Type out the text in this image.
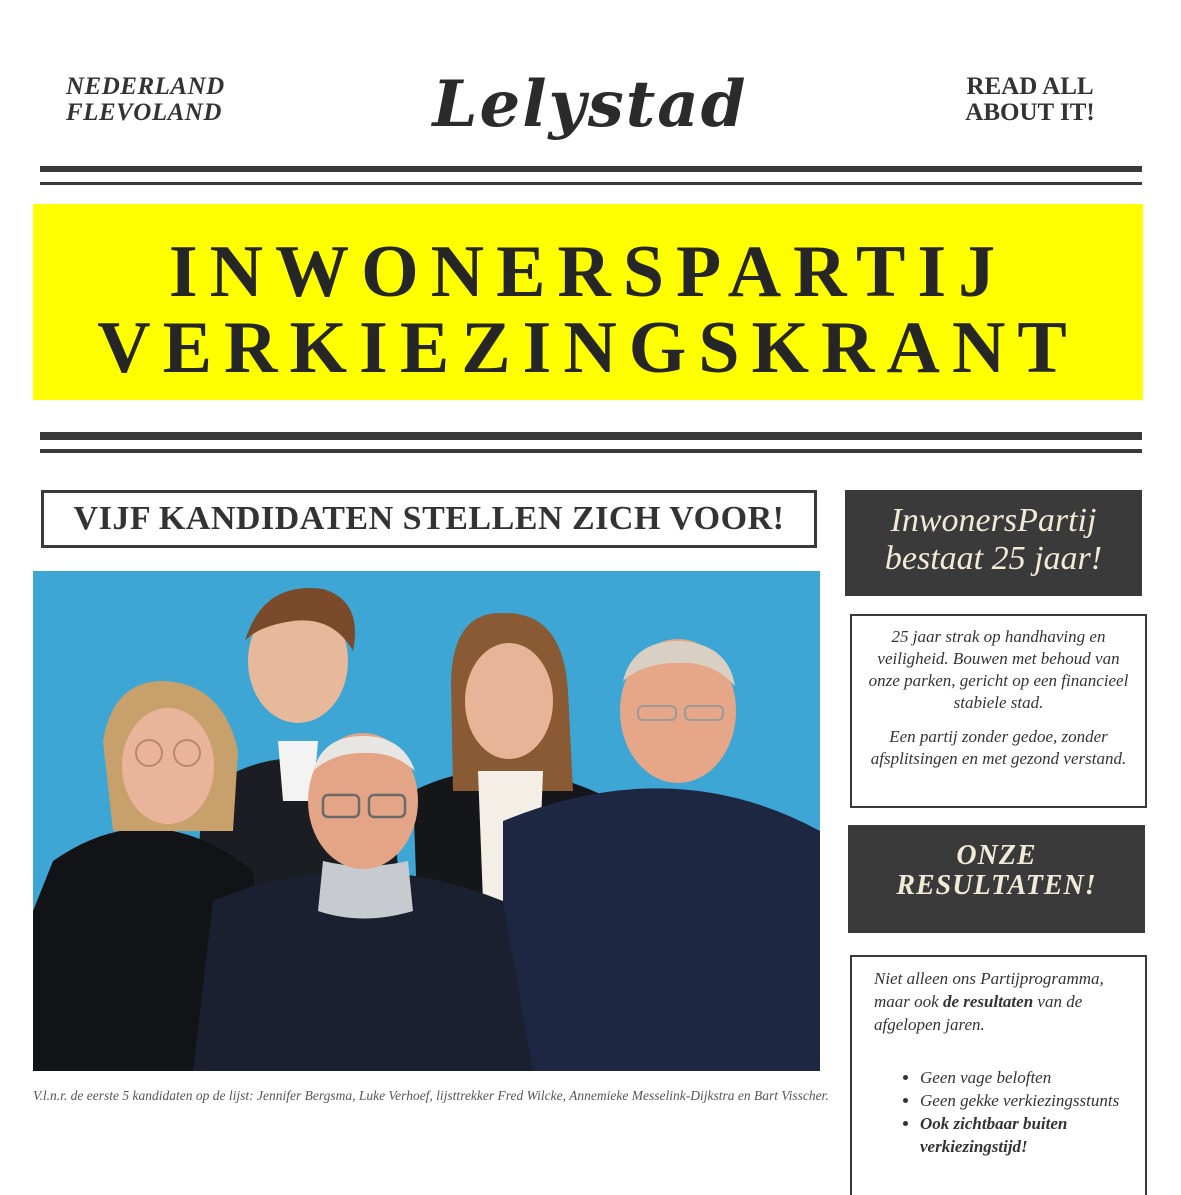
NEDERLAND
FLEVOLAND	Lelystad	READ ALL
ABOUT IT!
INWONERSPARTIJ
VERKIEZINGSKRANT
VIJF KANDIDATEN STELLEN ZICH VOOR!
V.l.n.r. de eerste 5 kandidaten op de lijst: Jennifer Bergsma, Luke Verhoef, lijsttrekker Fred Wilcke, Annemieke Messelink-Dijkstra en Bart Visscher.
InwonersPartij
bestaat 25 jaar!

25 jaar strak op handhaving en veiligheid. Bouwen met behoud van onze parken, gericht op een financieel stabiele stad.

Een partij zonder gedoe, zonder afsplitsingen en met gezond verstand.

ONZE
RESULTATEN!

Niet alleen ons Partijprogramma, maar ook de resultaten van de afgelopen jaren.

• Geen vage beloften
• Geen gekke verkiezingsstunts
• Ook zichtbaar buiten verkiezingstijd!
